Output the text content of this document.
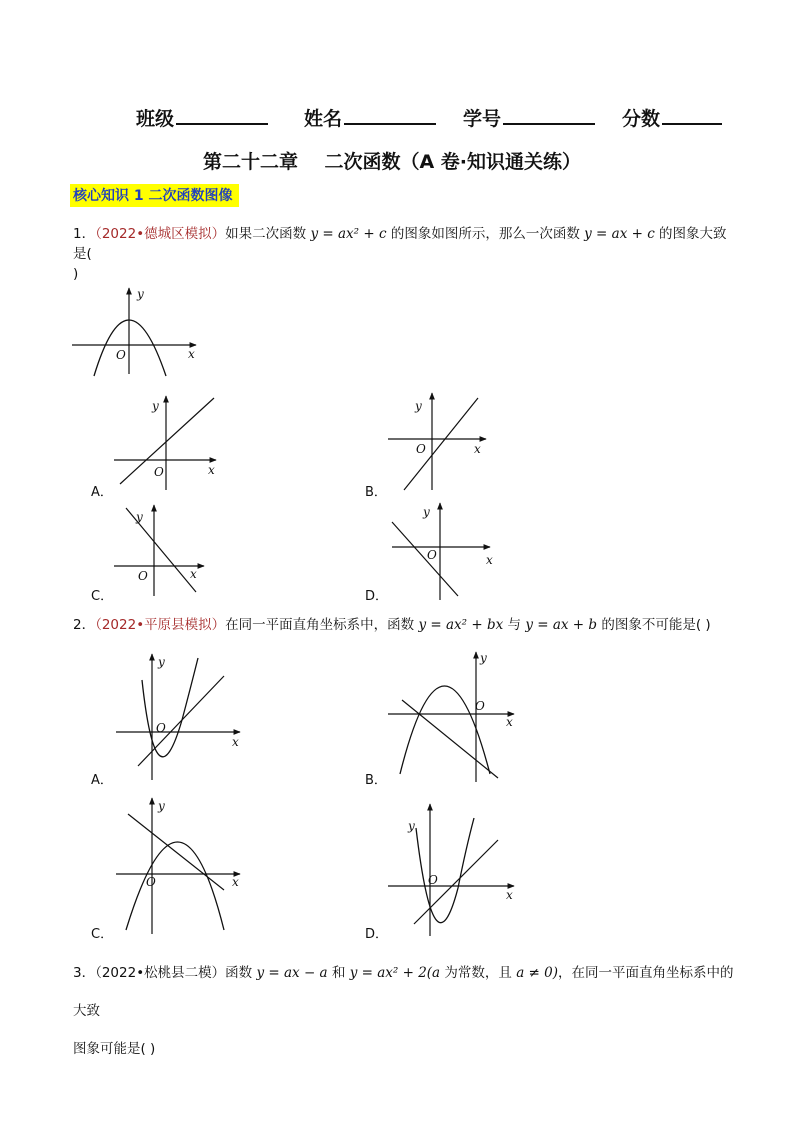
班级	姓名	学号	分数
第二十二章    二次函数（A 卷·知识通关练）
核心知识 1 二次函数图像
1．（2022•德城区模拟）如果二次函数 y = ax² + c 的图象如图所示，那么一次函数 y = ax + c 的图象大致是(
)
y
x
O
y
x
O
A．
y
x
O
B．
y
x
O
C．
y
x
O
D．
2．（2022•平原县模拟）在同一平面直角坐标系中，函数 y = ax² + bx 与 y = ax + b 的图象不可能是( )
y
x
O
A．
y
x
O
B．
y
x
O
C．
y
x
O
D．
3．（2022•松桃县二模）函数 y = ax − a 和 y = ax² + 2(a 为常数，且 a ≠ 0)，在同一平面直角坐标系中的大致
图象可能是( )
